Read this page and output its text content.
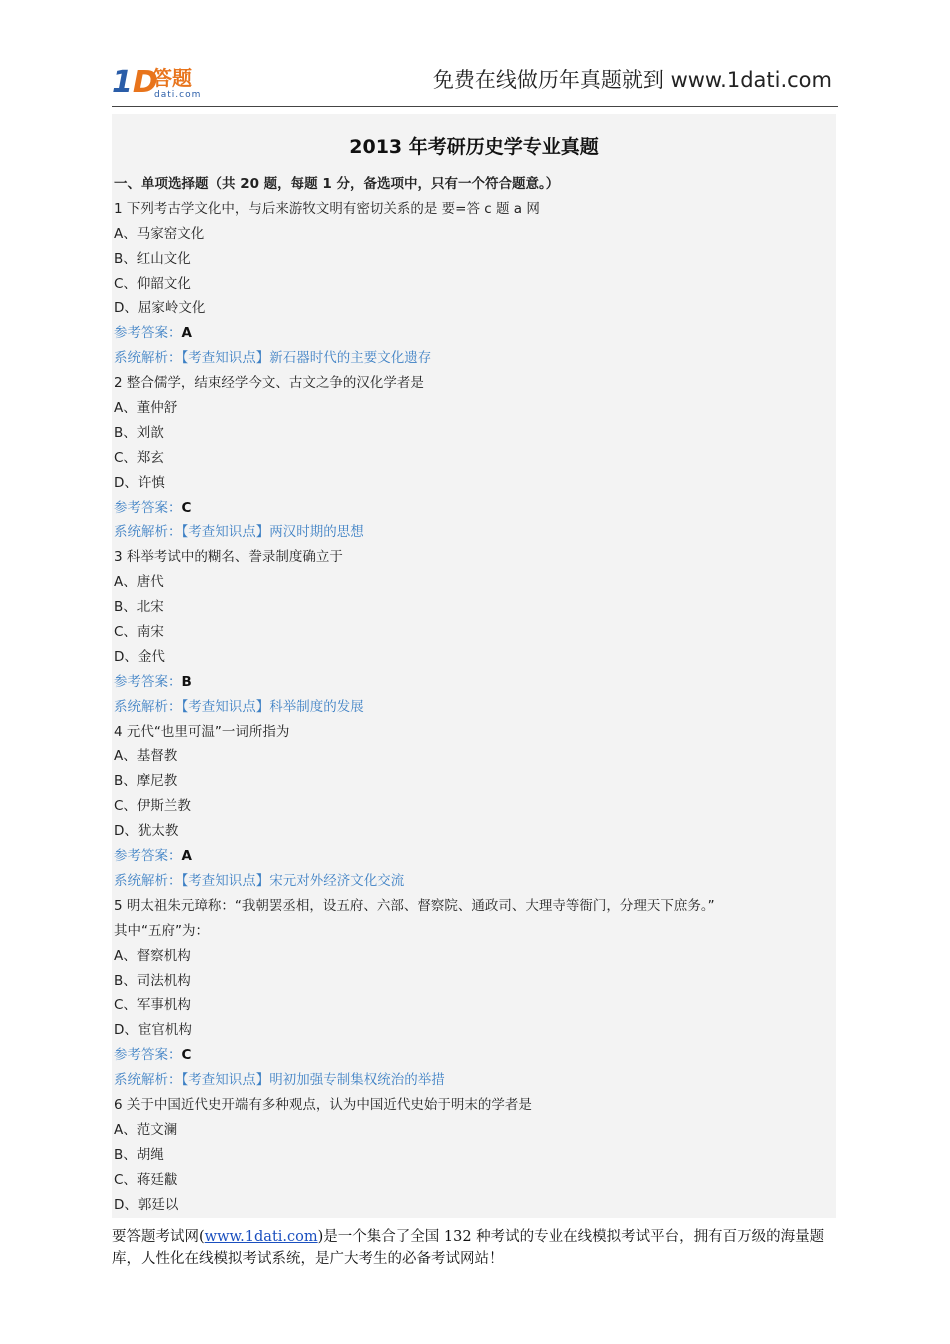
1D
答题
dati.com
免费在线做历年真题就到 www.1dati.com
2013 年考研历史学专业真题
一、单项选择题（共 20 题，每题 1 分，备选项中，只有一个符合题意。）
1 下列考古学文化中，与后来游牧文明有密切关系的是 要=答 c 题 a 网
A、马家窑文化
B、红山文化
C、仰韶文化
D、屈家岭文化
参考答案：A
系统解析：【考查知识点】新石器时代的主要文化遗存
2 整合儒学，结束经学今文、古文之争的汉化学者是
A、董仲舒
B、刘歆
C、郑玄
D、许慎
参考答案：C
系统解析：【考查知识点】两汉时期的思想
3 科举考试中的糊名、誊录制度确立于
A、唐代
B、北宋
C、南宋
D、金代
参考答案：B
系统解析：【考查知识点】科举制度的发展
4 元代“也里可温”一词所指为
A、基督教
B、摩尼教
C、伊斯兰教
D、犹太教
参考答案：A
系统解析：【考查知识点】宋元对外经济文化交流
5 明太祖朱元璋称：“我朝罢丞相，设五府、六部、督察院、通政司、大理寺等衙门，分理天下庶务。”
其中“五府”为：
A、督察机构
B、司法机构
C、军事机构
D、宦官机构
参考答案：C
系统解析：【考查知识点】明初加强专制集权统治的举措
6 关于中国近代史开端有多种观点，认为中国近代史始于明末的学者是
A、范文澜
B、胡绳
C、蒋廷黻
D、郭廷以
要答题考试网(www.1dati.com)是一个集合了全国 132 种考试的专业在线模拟考试平台，拥有百万级的海量题库，人性化在线模拟考试系统，是广大考生的必备考试网站！
